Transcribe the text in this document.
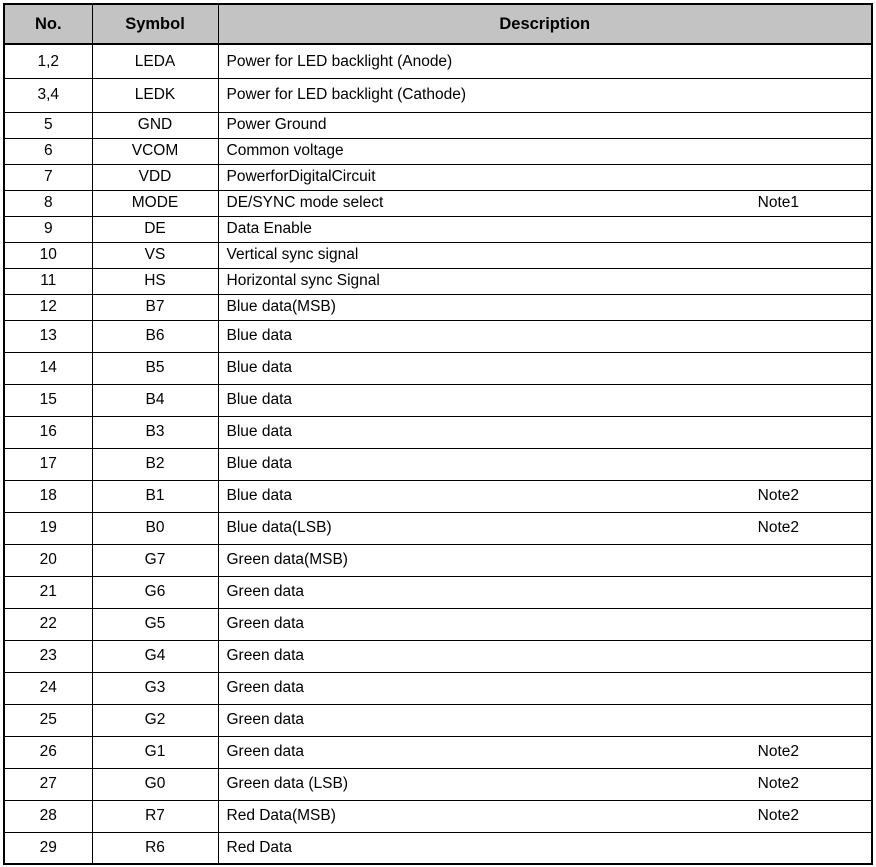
No.	Symbol	Description
1,2	LEDA	Power for LED backlight (Anode)

3,4	LEDK	Power for LED backlight (Cathode)

5	GND	Power Ground

6	VCOM	Common voltage

7	VDD	PowerforDigitalCircuit

8	MODE	DE/SYNC mode select Note1

9	DE	Data Enable

10	VS	Vertical sync signal

11	HS	Horizontal sync Signal

12	B7	Blue data(MSB)

13	B6	Blue data

14	B5	Blue data

15	B4	Blue data

16	B3	Blue data

17	B2	Blue data

18	B1	Blue data Note2

19	B0	Blue data(LSB) Note2

20	G7	Green data(MSB)

21	G6	Green data

22	G5	Green data

23	G4	Green data

24	G3	Green data

25	G2	Green data

26	G1	Green data Note2

27	G0	Green data (LSB) Note2

28	R7	Red Data(MSB) Note2

29	R6	Red Data
